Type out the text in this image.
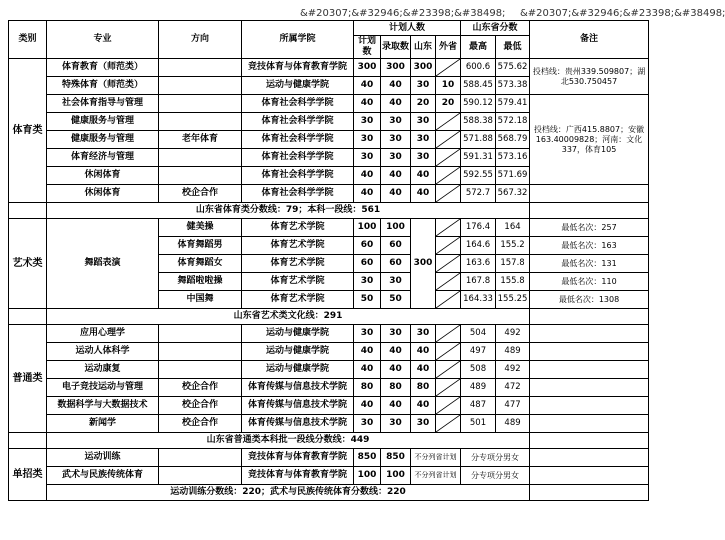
&#20307;&#32946;&#23398;&#38498; &#20307;&#32946;&#23398;&#38498;
类别	专业	方向	所属学院	计划人数				山东省分数		备注
				计划数	录取数	山东	外省	最高	最低	
体育类	体育教育（师范类）		竞技体育与体育教育学院	300	300	300		600.6	575.62	投档线：贵州339.509807；湖北530.750457
	特殊体育（师范类）		运动与健康学院	40	40	30	10	588.45	573.38	
	社会体育指导与管理		体育社会科学学院	40	40	20	20	590.12	579.41	投档线：广西415.8807；安徽163.40009828；河南：文化337，体育105
	健康服务与管理		体育社会科学学院	30	30	30		588.38	572.18	
	健康服务与管理	老年体育	体育社会科学学院	30	30	30		571.88	568.79	
	体育经济与管理		体育社会科学学院	30	30	30		591.31	573.16	
	休闲体育		体育社会科学学院	40	40	40		592.55	571.69	
	休闲体育	校企合作	体育社会科学学院	40	40	40		572.7	567.32	
	山东省体育类分数线：79；本科一段线：561									
艺术类	舞蹈表演	健美操	体育艺术学院	100	100	300		176.4	164	最低名次：257
		体育舞蹈男	体育艺术学院	60	60			164.6	155.2	最低名次：163
		体育舞蹈女	体育艺术学院	60	60			163.6	157.8	最低名次：131
		舞蹈啦啦操	体育艺术学院	30	30			167.8	155.8	最低名次：110
		中国舞	体育艺术学院	50	50			164.33	155.25	最低名次：1308
	山东省艺术类文化线：291									
普通类	应用心理学		运动与健康学院	30	30	30		504	492	
	运动人体科学		运动与健康学院	40	40	40		497	489	
	运动康复		运动与健康学院	40	40	40		508	492	
	电子竞技运动与管理	校企合作	体育传媒与信息技术学院	80	80	80		489	472	
	数据科学与大数据技术	校企合作	体育传媒与信息技术学院	40	40	40		487	477	
	新闻学	校企合作	体育传媒与信息技术学院	30	30	30		501	489	
	山东省普通类本科批一段线分数线：449									
单招类	运动训练		竞技体育与体育教育学院	850	850	不分列省计划		分专项分男女		
	武术与民族传统体育		竞技体育与体育教育学院	100	100	不分列省计划		分专项分男女		
	运动训练分数线：220；武术与民族传统体育分数线：220									
